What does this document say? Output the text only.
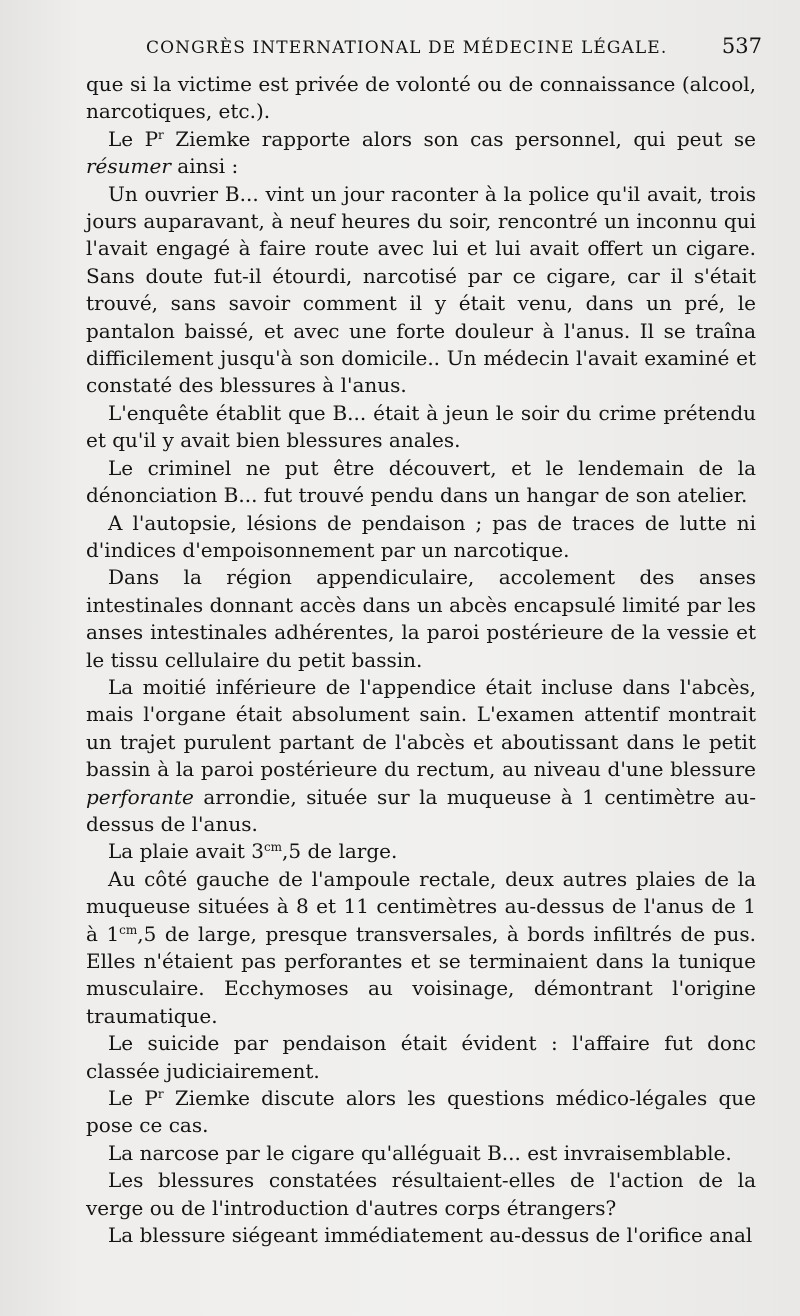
CONGRÈS INTERNATIONAL DE MÉDECINE LÉGALE.	537

que si la victime est privée de volonté ou de connaissance (alcool, narcotiques, etc.).

Le $P^r$ Ziemke rapporte alors son cas personnel, qui peut se résumer ainsi :

Un ouvrier B... vint un jour raconter à la police qu'il avait, trois jours auparavant, à neuf heures du soir, rencontré un inconnu qui l'avait engagé à faire route avec lui et lui avait offert un cigare. Sans doute fut-il étourdi, narcotisé par ce cigare, car il s'était trouvé, sans savoir comment il y était venu, dans un pré, le pantalon baissé, et avec une forte douleur à l'anus. Il se traîna difficilement jusqu'à son domicile.. Un médecin l'avait examiné et constaté des blessures à l'anus.

L'enquête établit que B... était à jeun le soir du crime prétendu et qu'il y avait bien blessures anales.

Le criminel ne put être découvert, et le lendemain de la dénonciation B... fut trouvé pendu dans un hangar de son atelier.

A l'autopsie, lésions de pendaison ; pas de traces de lutte ni d'indices d'empoisonnement par un narcotique.

Dans la région appendiculaire, accolement des anses intestinales donnant accès dans un abcès encapsulé limité par les anses intestinales adhérentes, la paroi postérieure de la vessie et le tissu cellulaire du petit bassin.

La moitié inférieure de l'appendice était incluse dans l'abcès, mais l'organe était absolument sain. L'examen attentif montrait un trajet purulent partant de l'abcès et aboutissant dans le petit bassin à la paroi postérieure du rectum, au niveau d'une blessure perforante arrondie, située sur la muqueuse à 1 centimètre au-dessus de l'anus.

La plaie avait $3^{cm},5$ de large.

Au côté gauche de l'ampoule rectale, deux autres plaies de la muqueuse situées à 8 et 11 centimètres au-dessus de l'anus de 1 à $1^{cm},5$ de large, presque transversales, à bords infiltrés de pus. Elles n'étaient pas perforantes et se terminaient dans la tunique musculaire. Ecchymoses au voisinage, démontrant l'origine traumatique.

Le suicide par pendaison était évident : l'affaire fut donc classée judiciairement.

Le $P^r$ Ziemke discute alors les questions médico-légales que pose ce cas.

La narcose par le cigare qu'alléguait B... est invraisemblable.

Les blessures constatées résultaient-elles de l'action de la verge ou de l'introduction d'autres corps étrangers?

La blessure siégeant immédiatement au-dessus de l'orifice anal
